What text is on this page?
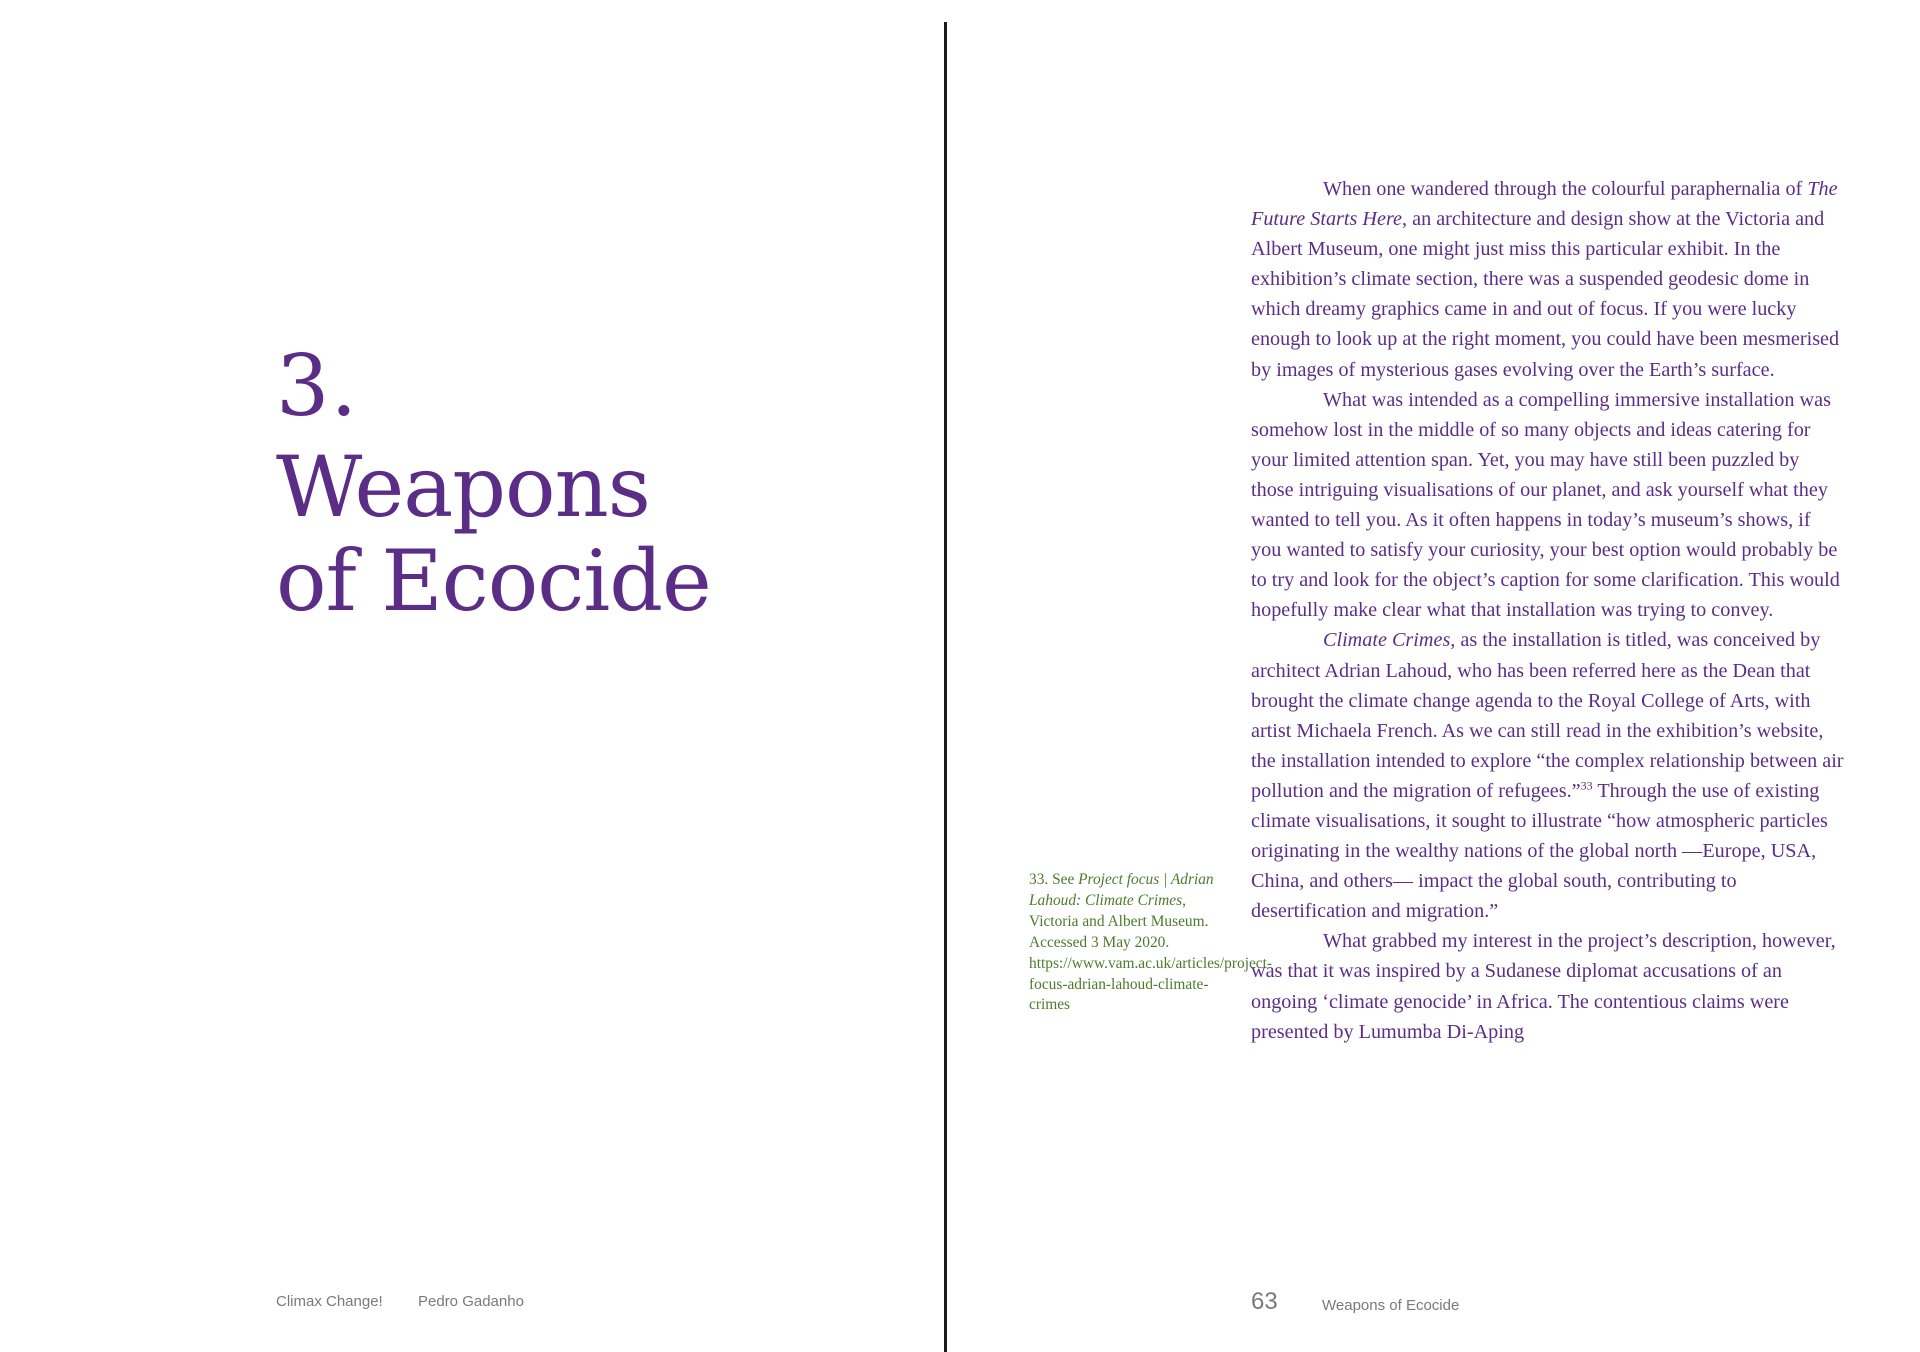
3.
Weapons
of Ecocide
Climax Change! Pedro Gadanho
33. See Project focus | Adrian Lahoud: Climate Crimes, Victoria and Albert Museum. Accessed 3 May 2020. https://www.vam.ac.uk/articles/project-focus-adrian-lahoud-climate-crimes

When one wandered through the colourful paraphernalia of The Future Starts Here, an architecture and design show at the Victoria and Albert Museum, one might just miss this particular exhibit. In the exhibition’s climate section, there was a suspended geodesic dome in which dreamy graphics came in and out of focus. If you were lucky enough to look up at the right moment, you could have been mesmerised by images of mysterious gases evolving over the Earth’s surface.

What was intended as a compelling immersive installation was somehow lost in the middle of so many objects and ideas catering for your limited attention span. Yet, you may have still been puzzled by those intriguing visualisations of our planet, and ask yourself what they wanted to tell you. As it often happens in today’s museum’s shows, if you wanted to satisfy your curiosity, your best option would probably be to try and look for the object’s caption for some clarification. This would hopefully make clear what that installation was trying to convey.

Climate Crimes, as the installation is titled, was conceived by architect Adrian Lahoud, who has been referred here as the Dean that brought the climate change agenda to the Royal College of Arts, with artist Michaela French. As we can still read in the exhibition’s website, the installation intended to explore “the complex relationship between air pollution and the migration of refugees.”$^{33}$ Through the use of existing climate visualisations, it sought to illustrate “how atmospheric particles originating in the wealthy nations of the global north —Europe, USA, China, and others— impact the global south, contributing to desertification and migration.”

What grabbed my interest in the project’s description, however, was that it was inspired by a Sudanese diplomat accusations of an ongoing ‘climate genocide’ in Africa. The contentious claims were presented by Lumumba Di-Aping

63	Weapons of Ecocide
